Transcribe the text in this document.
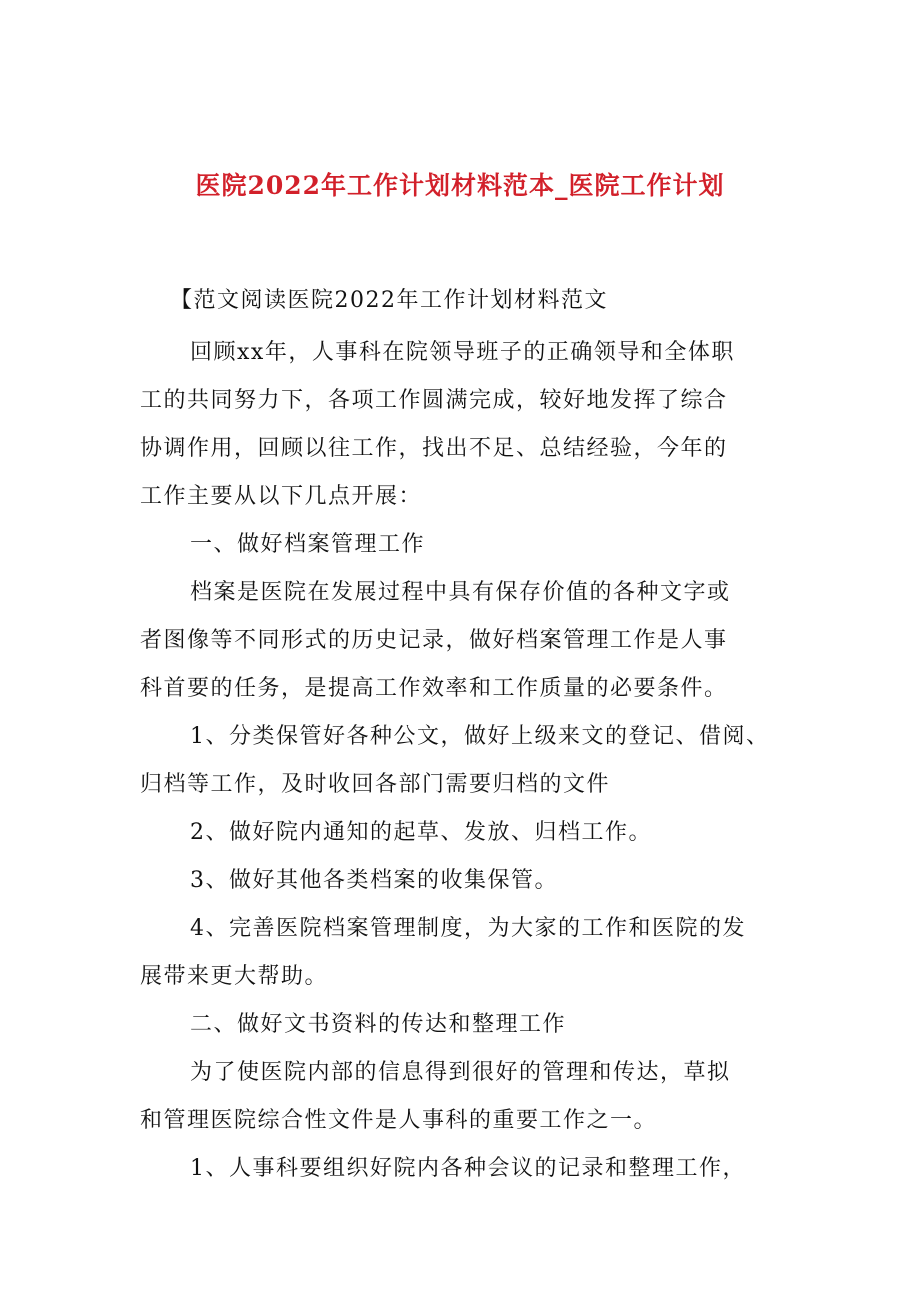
医院2022年工作计划材料范本_医院工作计划
【范文阅读医院2022年工作计划材料范文
回顾xx年，人事科在院领导班子的正确领导和全体职
工的共同努力下，各项工作圆满完成，较好地发挥了综合
协调作用，回顾以往工作，找出不足、总结经验，今年的
工作主要从以下几点开展：
一、做好档案管理工作
档案是医院在发展过程中具有保存价值的各种文字或
者图像等不同形式的历史记录，做好档案管理工作是人事
科首要的任务，是提高工作效率和工作质量的必要条件。
1、分类保管好各种公文，做好上级来文的登记、借阅、
归档等工作，及时收回各部门需要归档的文件
2、做好院内通知的起草、发放、归档工作。
3、做好其他各类档案的收集保管。
4、完善医院档案管理制度，为大家的工作和医院的发
展带来更大帮助。
二、做好文书资料的传达和整理工作
为了使医院内部的信息得到很好的管理和传达，草拟
和管理医院综合性文件是人事科的重要工作之一。
1、人事科要组织好院内各种会议的记录和整理工作，
